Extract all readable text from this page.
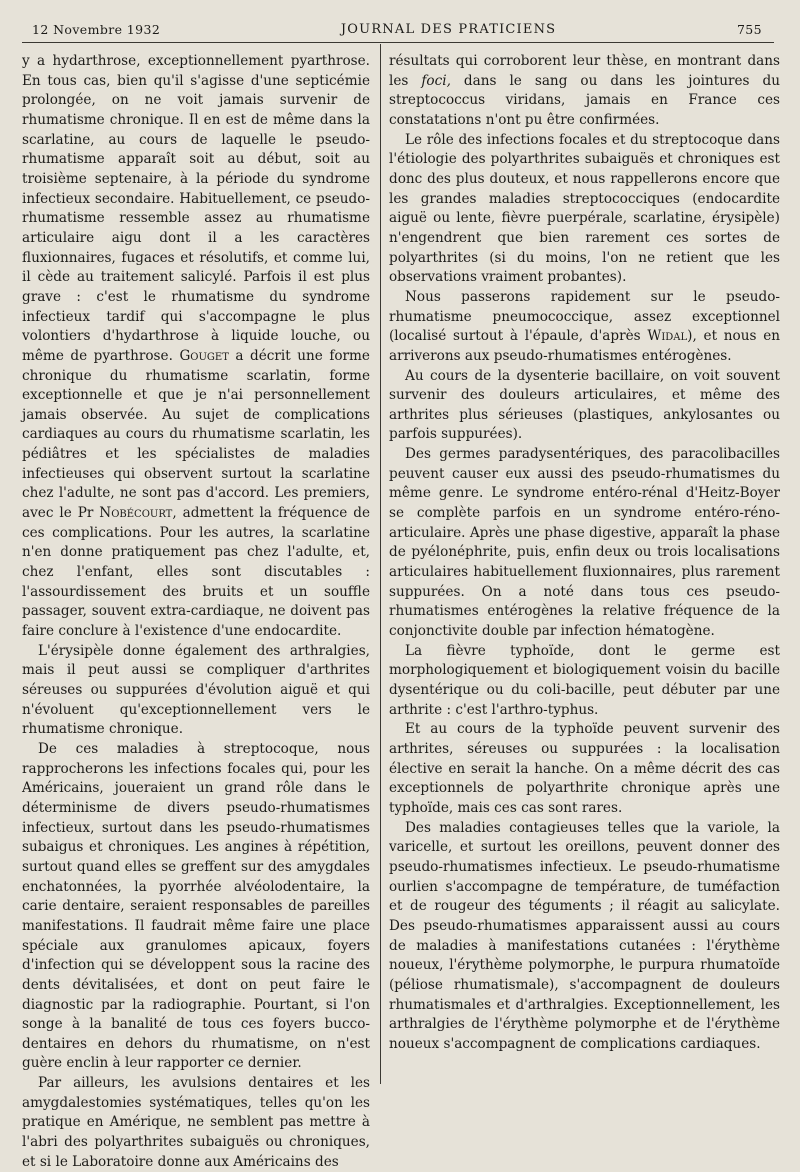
12 Novembre 1932	JOURNAL DES PRATICIENS	755

y a hydarthrose, exceptionnellement pyarthrose. En tous cas, bien qu'il s'agisse d'une septicémie prolongée, on ne voit jamais survenir de rhumatisme chronique. Il en est de même dans la scarlatine, au cours de laquelle le pseudo-rhumatisme apparaît soit au début, soit au troisième septenaire, à la période du syndrome infectieux secondaire. Habituellement, ce pseudo-rhumatisme ressemble assez au rhumatisme articulaire aigu dont il a les caractères fluxionnaires, fugaces et résolutifs, et comme lui, il cède au traitement salicylé. Parfois il est plus grave : c'est le rhumatisme du syndrome infectieux tardif qui s'accompagne le plus volontiers d'hydarthrose à liquide louche, ou même de pyarthrose. Gouget a décrit une forme chronique du rhumatisme scarlatin, forme exceptionnelle et que je n'ai personnellement jamais observée. Au sujet de complications cardiaques au cours du rhumatisme scarlatin, les pédiâtres et les spécialistes de maladies infectieuses qui observent surtout la scarlatine chez l'adulte, ne sont pas d'accord. Les premiers, avec le Pr Nobécourt, admettent la fréquence de ces complications. Pour les autres, la scarlatine n'en donne pratiquement pas chez l'adulte, et, chez l'enfant, elles sont discutables : l'assourdissement des bruits et un souffle passager, souvent extra-cardiaque, ne doivent pas faire conclure à l'existence d'une endocardite.

L'érysipèle donne également des arthralgies, mais il peut aussi se compliquer d'arthrites séreuses ou suppurées d'évolution aiguë et qui n'évoluent qu'exceptionnellement vers le rhumatisme chronique.

De ces maladies à streptocoque, nous rapprocherons les infections focales qui, pour les Américains, joueraient un grand rôle dans le déterminisme de divers pseudo-rhumatismes infectieux, surtout dans les pseudo-rhumatismes subaigus et chroniques. Les angines à répétition, surtout quand elles se greffent sur des amygdales enchatonnées, la pyorrhée alvéolodentaire, la carie dentaire, seraient responsables de pareilles manifestations. Il faudrait même faire une place spéciale aux granulomes apicaux, foyers d'infection qui se développent sous la racine des dents dévitalisées, et dont on peut faire le diagnostic par la radiographie. Pourtant, si l'on songe à la banalité de tous ces foyers bucco-dentaires en dehors du rhumatisme, on n'est guère enclin à leur rapporter ce dernier.

Par ailleurs, les avulsions dentaires et les amygdalestomies systématiques, telles qu'on les pratique en Amérique, ne semblent pas mettre à l'abri des polyarthrites subaiguës ou chroniques, et si le Laboratoire donne aux Américains des

résultats qui corroborent leur thèse, en montrant dans les foci, dans le sang ou dans les jointures du streptococcus viridans, jamais en France ces constatations n'ont pu être confirmées.

Le rôle des infections focales et du streptocoque dans l'étiologie des polyarthrites subaiguës et chroniques est donc des plus douteux, et nous rappellerons encore que les grandes maladies streptococciques (endocardite aiguë ou lente, fièvre puerpérale, scarlatine, érysipèle) n'engendrent que bien rarement ces sortes de polyarthrites (si du moins, l'on ne retient que les observations vraiment probantes).

Nous passerons rapidement sur le pseudo-rhumatisme pneumococcique, assez exceptionnel (localisé surtout à l'épaule, d'après Widal), et nous en arriverons aux pseudo-rhumatismes entérogènes.

Au cours de la dysenterie bacillaire, on voit souvent survenir des douleurs articulaires, et même des arthrites plus sérieuses (plastiques, ankylosantes ou parfois suppurées).

Des germes paradysentériques, des paracolibacilles peuvent causer eux aussi des pseudo-rhumatismes du même genre. Le syndrome entéro-rénal d'Heitz-Boyer se complète parfois en un syndrome entéro-réno-articulaire. Après une phase digestive, apparaît la phase de pyélonéphrite, puis, enfin deux ou trois localisations articulaires habituellement fluxionnaires, plus rarement suppurées. On a noté dans tous ces pseudo-rhumatismes entérogènes la relative fréquence de la conjonctivite double par infection hématogène.

La fièvre typhoïde, dont le germe est morphologiquement et biologiquement voisin du bacille dysentérique ou du coli-bacille, peut débuter par une arthrite : c'est l'arthro-typhus.

Et au cours de la typhoïde peuvent survenir des arthrites, séreuses ou suppurées : la localisation élective en serait la hanche. On a même décrit des cas exceptionnels de polyarthrite chronique après une typhoïde, mais ces cas sont rares.

Des maladies contagieuses telles que la variole, la varicelle, et surtout les oreillons, peuvent donner des pseudo-rhumatismes infectieux. Le pseudo-rhumatisme ourlien s'accompagne de température, de tuméfaction et de rougeur des téguments ; il réagit au salicylate. Des pseudo-rhumatismes apparaissent aussi au cours de maladies à manifestations cutanées : l'érythème noueux, l'érythème polymorphe, le purpura rhumatoïde (péliose rhumatismale), s'accompagnent de douleurs rhumatismales et d'arthralgies. Exceptionnellement, les arthralgies de l'érythème polymorphe et de l'érythème noueux s'accompagnent de complications cardiaques.
